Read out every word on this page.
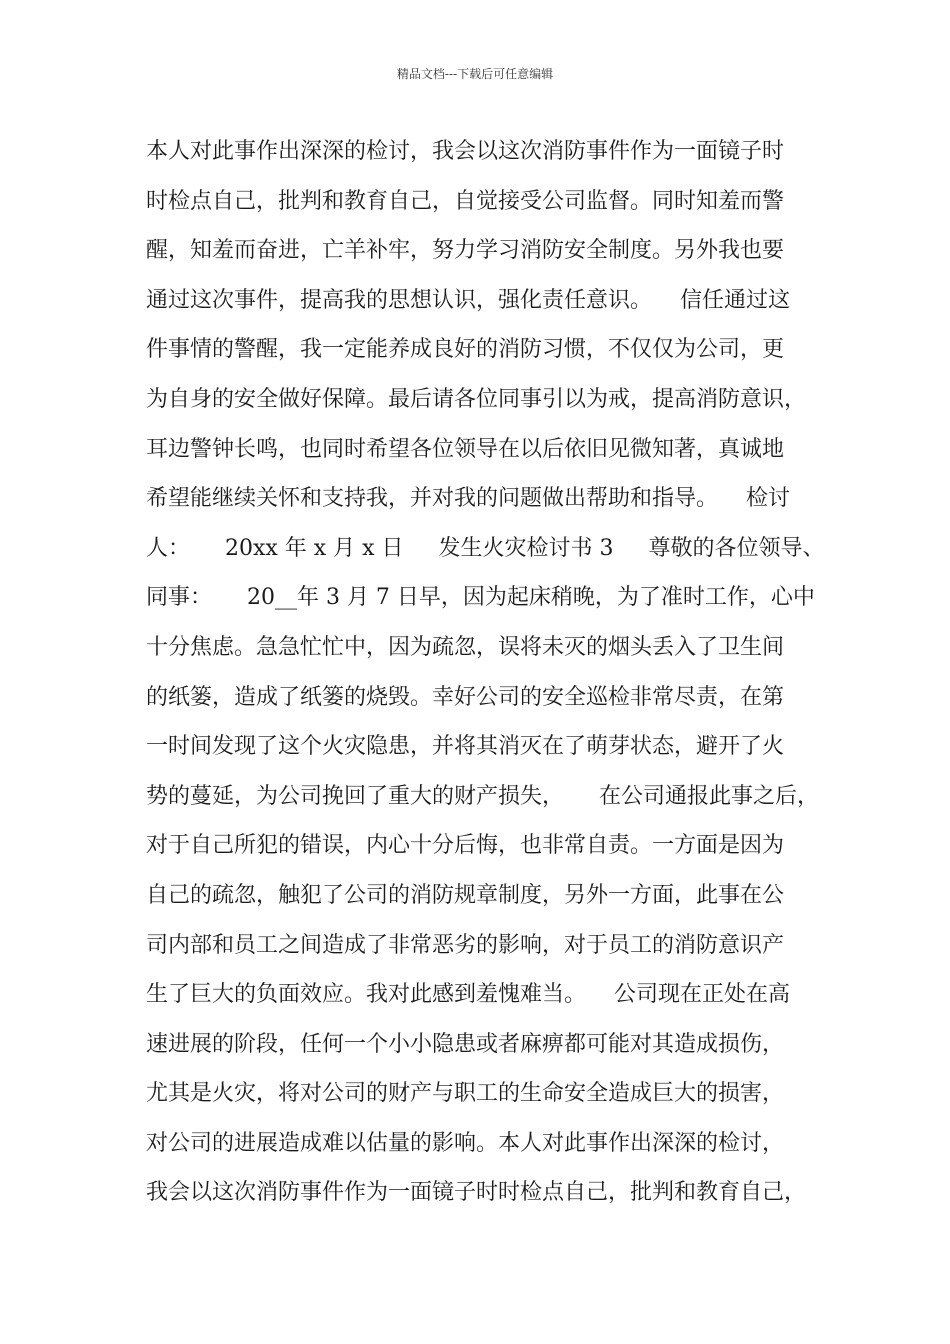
精品文档---下载后可任意编辑
本人对此事作出深深的检讨，我会以这次消防事件作为一面镜子时
时检点自己，批判和教育自己，自觉接受公司监督。同时知羞而警
醒，知羞而奋进，亡羊补牢，努力学习消防安全制度。另外我也要
通过这次事件，提高我的思想认识，强化责任意识。    信任通过这
件事情的警醒，我一定能养成良好的消防习惯，不仅仅为公司，更
为自身的安全做好保障。最后请各位同事引以为戒，提高消防意识，
耳边警钟长鸣，也同时希望各位领导在以后依旧见微知著，真诚地
希望能继续关怀和支持我，并对我的问题做出帮助和指导。    检讨
人：     20xx 年 x 月 x 日     发生火灾检讨书 3     尊敬的各位领导、
同事：     20__年 3 月 7 日早，因为起床稍晚，为了准时工作，心中
十分焦虑。急急忙忙中，因为疏忽，误将未灭的烟头丢入了卫生间
的纸篓，造成了纸篓的烧毁。幸好公司的安全巡检非常尽责，在第
一时间发现了这个火灾隐患，并将其消灭在了萌芽状态，避开了火
势的蔓延，为公司挽回了重大的财产损失，     在公司通报此事之后，
对于自己所犯的错误，内心十分后悔，也非常自责。一方面是因为
自己的疏忽，触犯了公司的消防规章制度，另外一方面，此事在公
司内部和员工之间造成了非常恶劣的影响，对于员工的消防意识产
生了巨大的负面效应。我对此感到羞愧难当。    公司现在正处在高
速进展的阶段，任何一个小小隐患或者麻痹都可能对其造成损伤，
尤其是火灾，将对公司的财产与职工的生命安全造成巨大的损害，
对公司的进展造成难以估量的影响。本人对此事作出深深的检讨，
我会以这次消防事件作为一面镜子时时检点自己，批判和教育自己，
